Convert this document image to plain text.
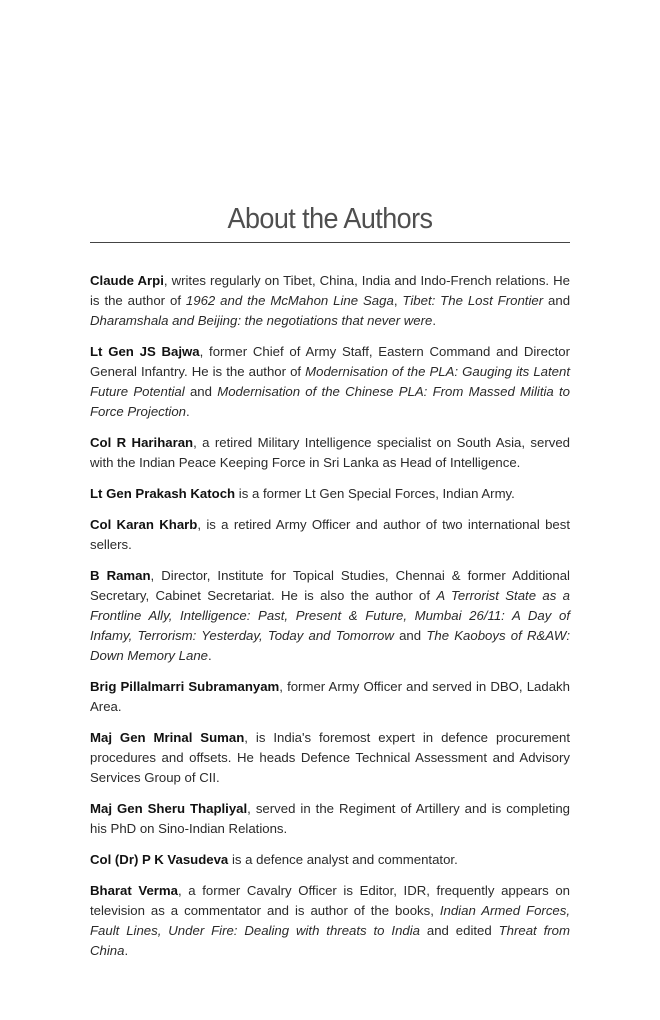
About the Authors

Claude Arpi, writes regularly on Tibet, China, India and Indo-French relations. He is the author of 1962 and the McMahon Line Saga, Tibet: The Lost Frontier and Dharamshala and Beijing: the negotiations that never were.

Lt Gen JS Bajwa, former Chief of Army Staff, Eastern Command and Director General Infantry. He is the author of Modernisation of the PLA: Gauging its Latent Future Potential and Modernisation of the Chinese PLA: From Massed Militia to Force Projection.

Col R Hariharan, a retired Military Intelligence specialist on South Asia, served with the Indian Peace Keeping Force in Sri Lanka as Head of Intelligence.

Lt Gen Prakash Katoch is a former Lt Gen Special Forces, Indian Army.

Col Karan Kharb, is a retired Army Officer and author of two international best sellers.

B Raman, Director, Institute for Topical Studies, Chennai & former Additional Secretary, Cabinet Secretariat. He is also the author of A Terrorist State as a Frontline Ally, Intelligence: Past, Present & Future, Mumbai 26/11: A Day of Infamy, Terrorism: Yesterday, Today and Tomorrow and The Kaoboys of R&AW: Down Memory Lane.

Brig Pillalmarri Subramanyam, former Army Officer and served in DBO, Ladakh Area.

Maj Gen Mrinal Suman, is India's foremost expert in defence procurement procedures and offsets. He heads Defence Technical Assessment and Advisory Services Group of CII.

Maj Gen Sheru Thapliyal, served in the Regiment of Artillery and is completing his PhD on Sino-Indian Relations.

Col (Dr) P K Vasudeva is a defence analyst and commentator.

Bharat Verma, a former Cavalry Officer is Editor, IDR, frequently appears on television as a commentator and is author of the books, Indian Armed Forces, Fault Lines, Under Fire: Dealing with threats to India and edited Threat from China.
